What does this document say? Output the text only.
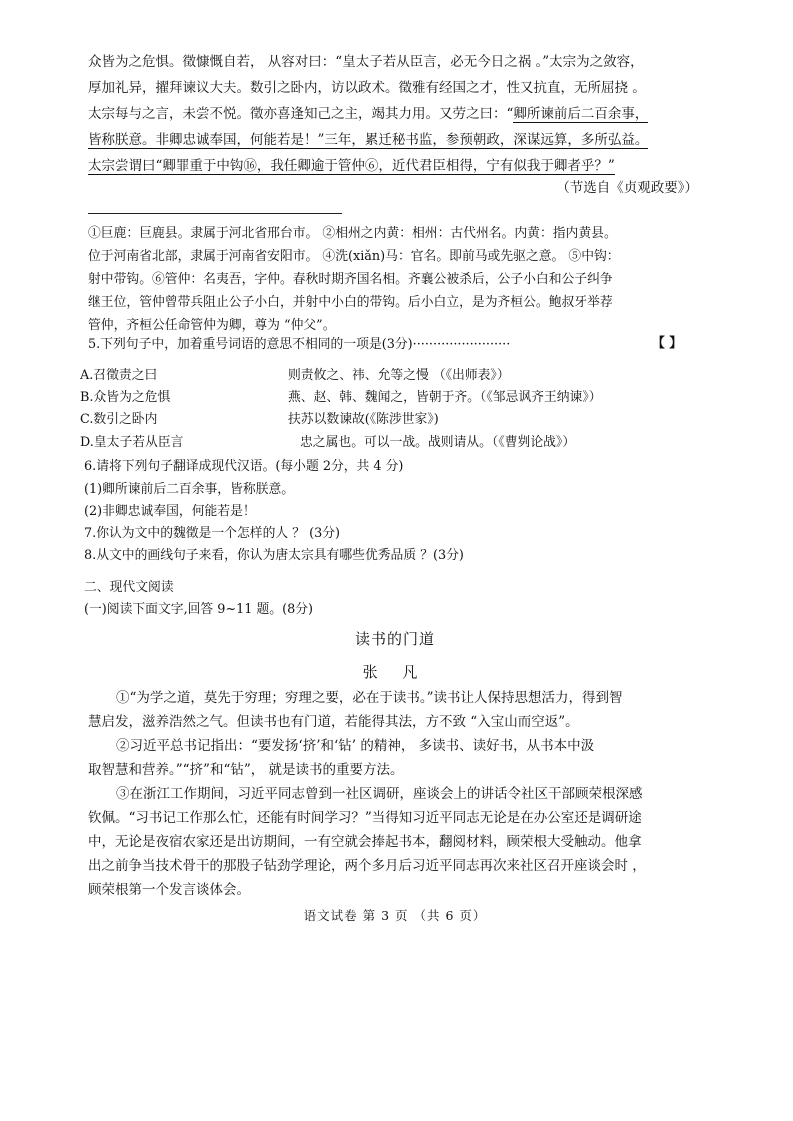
众皆为之危惧。徵慷慨自若， 从容对曰：“皇太子若从臣言，必无今日之祸 。”太宗为之敛容，
厚加礼异，擢拜谏议大夫。数引之卧内，访以政术。徵雅有经国之才，性又抗直，无所屈挠 。
太宗每与之言，未尝不悦。徵亦喜逢知己之主，竭其力用。又劳之曰：“卿所谏前后二百余事，
皆称朕意。非卿忠诚奉国，何能若是！”三年，累迁秘书监，参预朝政，深谋远算，多所弘益。
太宗尝谓曰“卿罪重于中钩⑯，我任卿逾于管仲⑥，近代君臣相得，宁有似我于卿者乎？”
（节选自《贞观政要》）
①巨鹿：巨鹿县。隶属于河北省邢台市。 ②相州之内黄：相州：古代州名。内黄：指内黄县。
位于河南省北部，隶属于河南省安阳市。 ④洗(xiǎn)马：官名。即前马或先驱之意。 ⑤中钩：
射中带钩。⑥管仲：名夷吾，字仲。春秋时期齐国名相。齐襄公被杀后，公子小白和公子纠争
继王位，管仲曾带兵阻止公子小白，并射中小白的带钩。后小白立，是为齐桓公。鲍叔牙举荐
管仲，齐桓公任命管仲为卿，尊为 “仲父”。
5.下列句子中，加着重号词语的意思不相同的一项是(3分)························	【 】
A.召徵责之曰	则责攸之、祎、允等之慢 （《出师表》）
B.众皆为之危惧	燕、赵、韩、魏闻之，皆朝于齐。（《邹忌讽齐王纳谏》）
C.数引之卧内	扶苏以数谏故(《陈涉世家》)
D.皇太子若从臣言	忠之属也。可以一战。战则请从。（《曹刿论战》）
6.请将下列句子翻译成现代汉语。(每小题 2分，共 4 分)
(1)卿所谏前后二百余事，皆称朕意。
(2)非卿忠诚奉国，何能若是！
7.你认为文中的魏徵是一个怎样的人 ？ (3分)
8.从文中的画线句子来看，你认为唐太宗具有哪些优秀品质 ？(3分)
二、现代文阅读
(一)阅读下面文字,回答 9~11 题。(8分)
读书的门道
张 凡
①“为学之道，莫先于穷理；穷理之要，必在于读书。”读书让人保持思想活力，得到智
慧启发，滋养浩然之气。但读书也有门道，若能得其法，方不致 “入宝山而空返”。
②习近平总书记指出：“要发扬‘挤’和‘钻’ 的精神， 多读书、读好书，从书本中汲
取智慧和营养。”“挤”和“钻”， 就是读书的重要方法。
③在浙江工作期间，习近平同志曾到一社区调研，座谈会上的讲话令社区干部顾荣根深感
钦佩。“习书记工作那么忙，还能有时间学习？”当得知习近平同志无论是在办公室还是调研途
中，无论是夜宿农家还是出访期间，一有空就会捧起书本，翻阅材料，顾荣根大受触动。他拿
出之前争当技术骨干的那股子钻劲学理论，两个多月后习近平同志再次来社区召开座谈会时 ，
顾荣根第一个发言谈体会。
语文试卷 第 3 页 （共 6 页）
